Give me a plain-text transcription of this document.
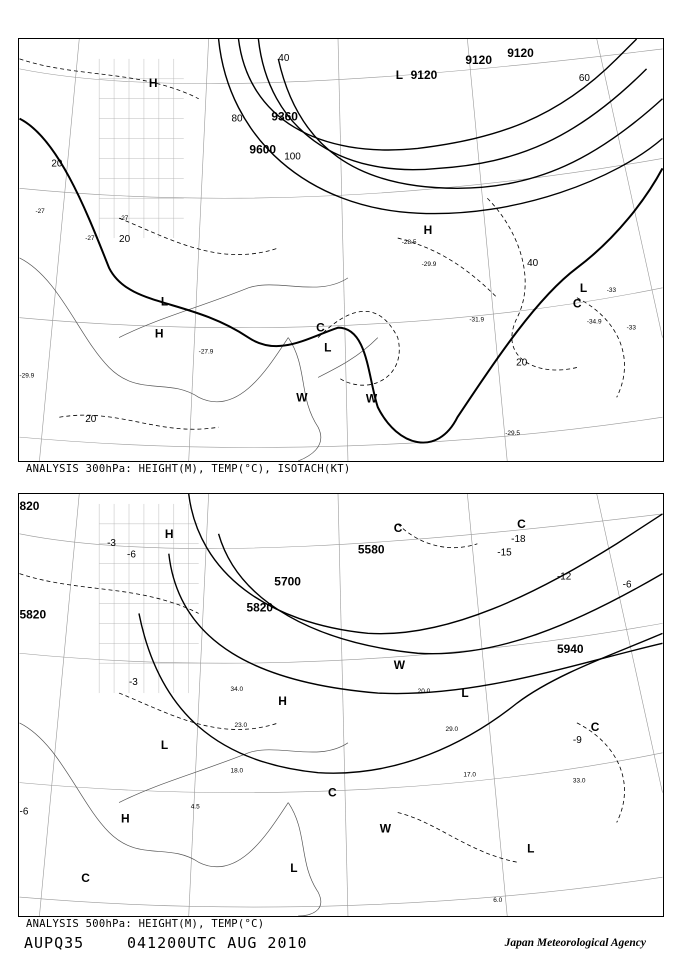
9120 9120
9120
9360
9600
20
40
60
80
100
20
40
20
20
-27
-27
-27
-29.9
-27.9
-28.5
-29.9
-31.9	-34.9
-33
-33
-29.5
H
L
L
H
L
C
C
L
W	W
H
ANALYSIS 300hPa: HEIGHT(M), TEMP(°C), ISOTACH(KT)
5820
5700
5820
5580
5940
820
-3
-6
-18
-15
-12
-6
-3
-9
-6
34.0
23.0
20.0
29.0
18.0
17.0
33.0
6.0
4.5
H
H
L
H
L
C
C
W
C
L
W
C
L
C
ANALYSIS 500hPa: HEIGHT(M), TEMP(°C)
AUPQ35	041200UTC AUG 2010	Japan Meteorological Agency
